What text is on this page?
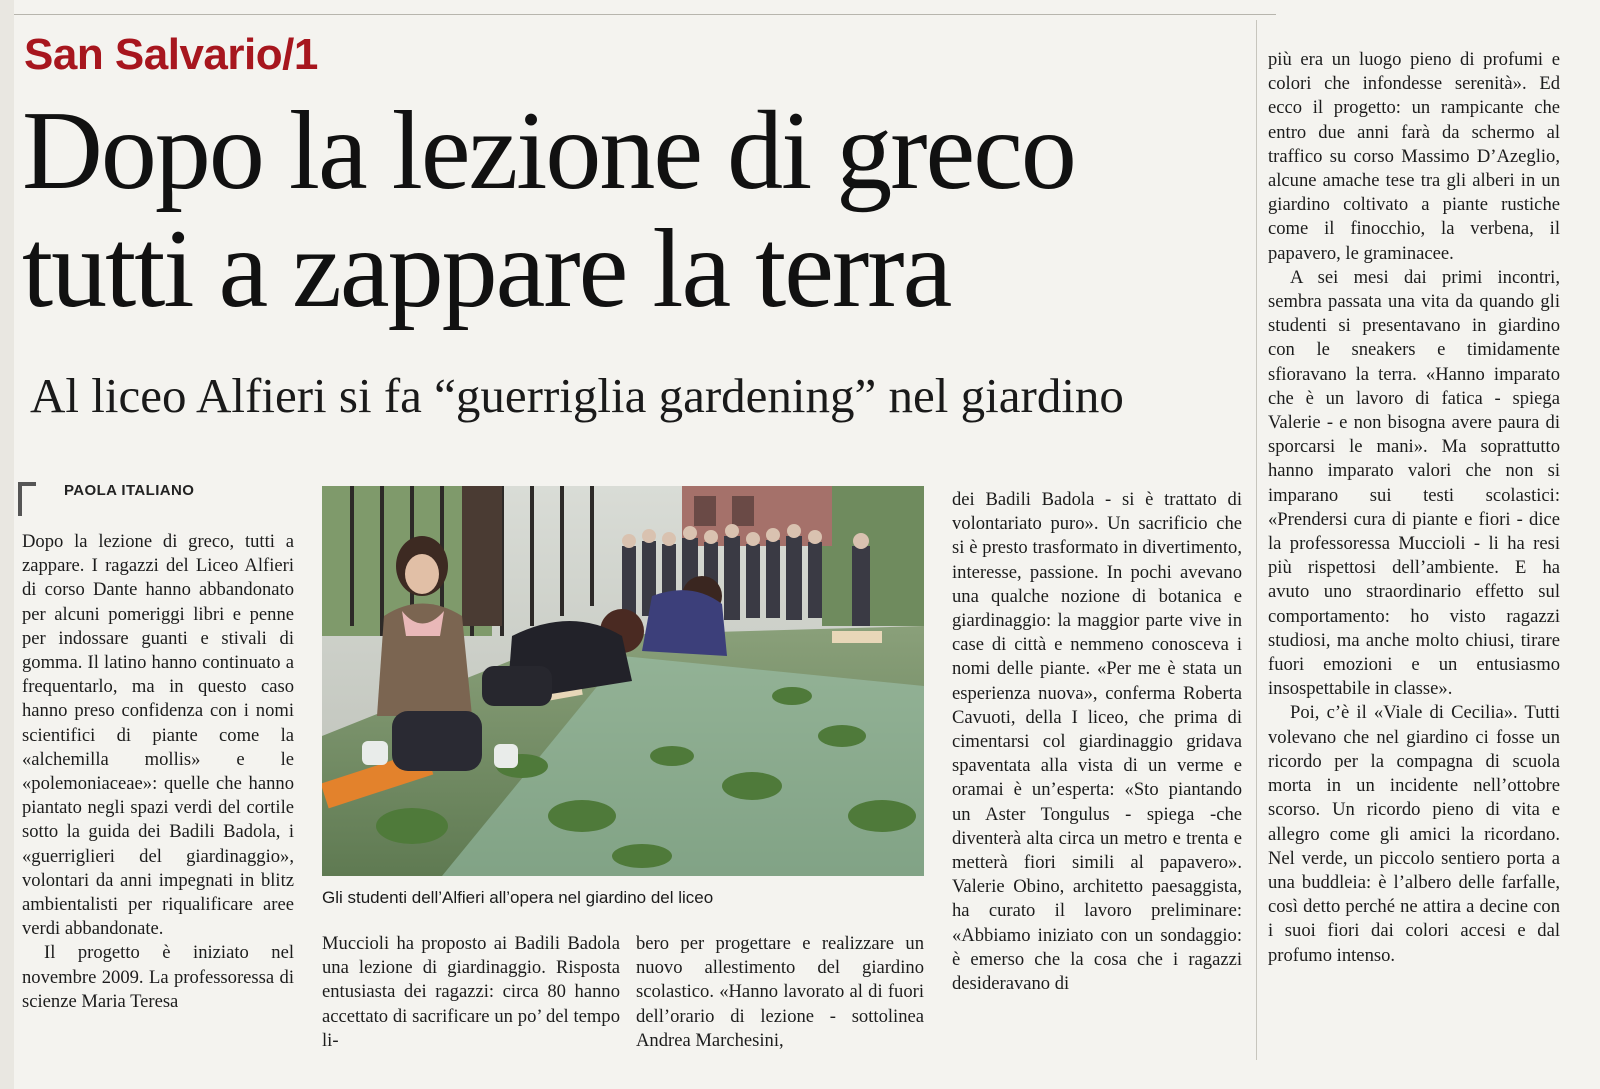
San Salvario/1
Dopo la lezione di greco
tutti a zappare la terra
Al liceo Alfieri si fa “guerriglia gardening” nel giardino
PAOLA ITALIANO

Dopo la lezione di greco, tutti a zappare. I ragazzi del Liceo Alfieri di corso Dante hanno abbandonato per alcuni pomeriggi libri e penne per indossare guanti e stivali di gomma. Il latino hanno continuato a frequentarlo, ma in questo caso hanno preso confidenza con i nomi scientifici di piante come la «alchemilla mollis» e le «polemoniaceae»: quelle che hanno piantato negli spazi verdi del cortile sotto la guida dei Badili Badola, i «guerriglieri del giardinaggio», volontari da anni impegnati in blitz ambientalisti per riqualificare aree verdi abbandonate.

Il progetto è iniziato nel novembre 2009. La professoressa di scienze Maria Teresa

Gli studenti dell’Alfieri all’opera nel giardino del liceo

Muccioli ha proposto ai Badili Badola una lezione di giardinaggio. Risposta entusiasta dei ragazzi: circa 80 hanno accettato di sacrificare un po’ del tempo li-

bero per progettare e realizzare un nuovo allestimento del giardino scolastico. «Hanno lavorato al di fuori dell’orario di lezione - sottolinea Andrea Marchesini,

dei Badili Badola - si è trattato di volontariato puro». Un sacrificio che si è presto trasformato in divertimento, interesse, passione. In pochi avevano una qualche nozione di botanica e giardinaggio: la maggior parte vive in case di città e nemmeno conosceva i nomi delle piante. «Per me è stata un esperienza nuova», conferma Roberta Cavuoti, della I liceo, che prima di cimentarsi col giardinaggio gridava spaventata alla vista di un verme e oramai è un’esperta: «Sto piantando un Aster Tongulus - spiega -che diventerà alta circa un metro e trenta e metterà fiori simili al papavero». Valerie Obino, architetto paesaggista, ha curato il lavoro preliminare: «Abbiamo iniziato con un sondaggio: è emerso che la cosa che i ragazzi desideravano di

più era un luogo pieno di profumi e colori che infondesse serenità». Ed ecco il progetto: un rampicante che entro due anni farà da schermo al traffico su corso Massimo D’Azeglio, alcune amache tese tra gli alberi in un giardino coltivato a piante rustiche come il finocchio, la verbena, il papavero, le graminacee.

A sei mesi dai primi incontri, sembra passata una vita da quando gli studenti si presentavano in giardino con le sneakers e timidamente sfioravano la terra. «Hanno imparato che è un lavoro di fatica - spiega Valerie - e non bisogna avere paura di sporcarsi le mani». Ma soprattutto hanno imparato valori che non si imparano sui testi scolastici: «Prendersi cura di piante e fiori - dice la professoressa Muccioli - li ha resi più rispettosi dell’ambiente. E ha avuto uno straordinario effetto sul comportamento: ho visto ragazzi studiosi, ma anche molto chiusi, tirare fuori emozioni e un entusiasmo insospettabile in classe».

Poi, c’è il «Viale di Cecilia». Tutti volevano che nel giardino ci fosse un ricordo per la compagna di scuola morta in un incidente nell’ottobre scorso. Un ricordo pieno di vita e allegro come gli amici la ricordano. Nel verde, un piccolo sentiero porta a una buddleia: è l’albero delle farfalle, così detto perché ne attira a decine con i suoi fiori dai colori accesi e dal profumo intenso.
